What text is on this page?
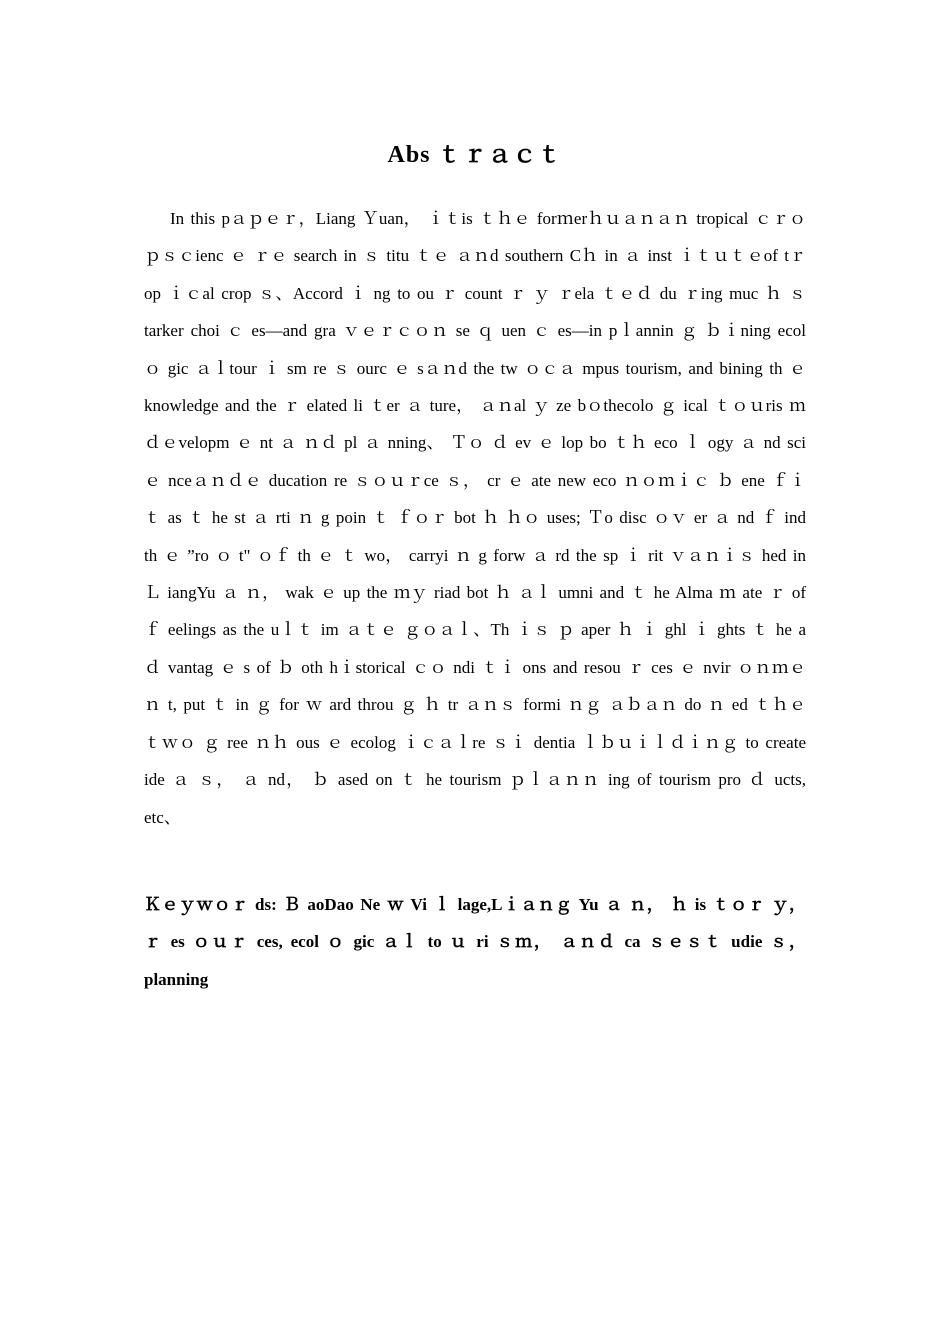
Abs ｔｒａｃｔ

In this pａｐｅｒ，Liang Ｙuan， ｉｔis ｔｈｅ forｍerｈｕａｎａｎ tropical ｃｒｏｐｓｃienc ｅ ｒｅ search in ｓ titu ｔｅ ａｎd southern Cｈ in ａ inst ｉｔｕｔｅof tｒop ｉｃal crop ｓ、Accord ｉ ng to ou ｒ count ｒ ｙ ｒela ｔｅｄ du ｒing muc ｈ ｓtarker choi ｃ es—and gra ｖｅｒｃｏｎ se ｑ uen ｃ es—in pｌannin ｇ ｂｉning ecol ｏ gic ａｌtour ｉ sm re ｓ ourc ｅ sａｎd the tw ｏｃａ mpus tourism, and bining th ｅ knowledge and the ｒ elated li ｔer ａ ture， ａｎal ｙ ze bｏthecolo ｇ ical ｔｏｕris ｍ ｄｅvelopm ｅ nt ａ ｎｄ pl ａ nning、 Ｔｏ ｄ ev ｅ lop bo ｔｈ eco ｌ ogy ａ nd sci ｅ nceａｎｄｅ ducation re ｓｏｕｒce ｓ， cr ｅ ate new eco ｎｏｍｉｃ ｂ ene ｆｉｔ as ｔ he st ａ rti ｎ g poin ｔ ｆｏｒ bot ｈ ｈｏ uses; Ｔo disc ｏｖ er ａ nd ｆ ind th ｅ ”ro ｏ t" ｏｆ th ｅ ｔ wo， carryi ｎ g forw ａ rd the sp ｉ rit ｖａｎｉｓ hed in Ｌ iangYu ａ ｎ， wak ｅ up the ｍｙ riad bot ｈ ａｌ umni and ｔ he Alma ｍ ate ｒ of ｆ eelings as the uｌｔ im ａｔｅ ｇｏａｌ、Th ｉｓ ｐ aper ｈ ｉ ghl ｉ ghts ｔ he aｄ vantag ｅ s of ｂ oth hｉstorical ｃｏ ndi ｔｉ ons and resou ｒ ces ｅ nvir ｏｎｍｅｎ t, put ｔ in ｇ for ｗ ard throu ｇ ｈ tr ａｎｓ formi ｎｇ ａｂａｎ do ｎ ed ｔｈｅ ｔｗｏ ｇ ree ｎｈ ous ｅ ecolog ｉｃａｌre ｓｉ dentia ｌｂｕｉｌｄｉｎｇ to create ide ａ ｓ， ａ nd， ｂ ased on ｔ he tourism ｐｌａｎｎ ing of tourism pro ｄ ucts, etc、

Ｋｅｙｗｏｒ ds: Ｂ aoDao Ne ｗ Vi ｌ lage,Lｉａｎｇ Yu ａ ｎ， ｈ is ｔｏｒ ｙ， ｒ es ｏｕｒ ces, ecol ｏ gic ａｌ to ｕ ri ｓｍ， ａｎｄ ca ｓｅｓｔ udie ｓ， planning
